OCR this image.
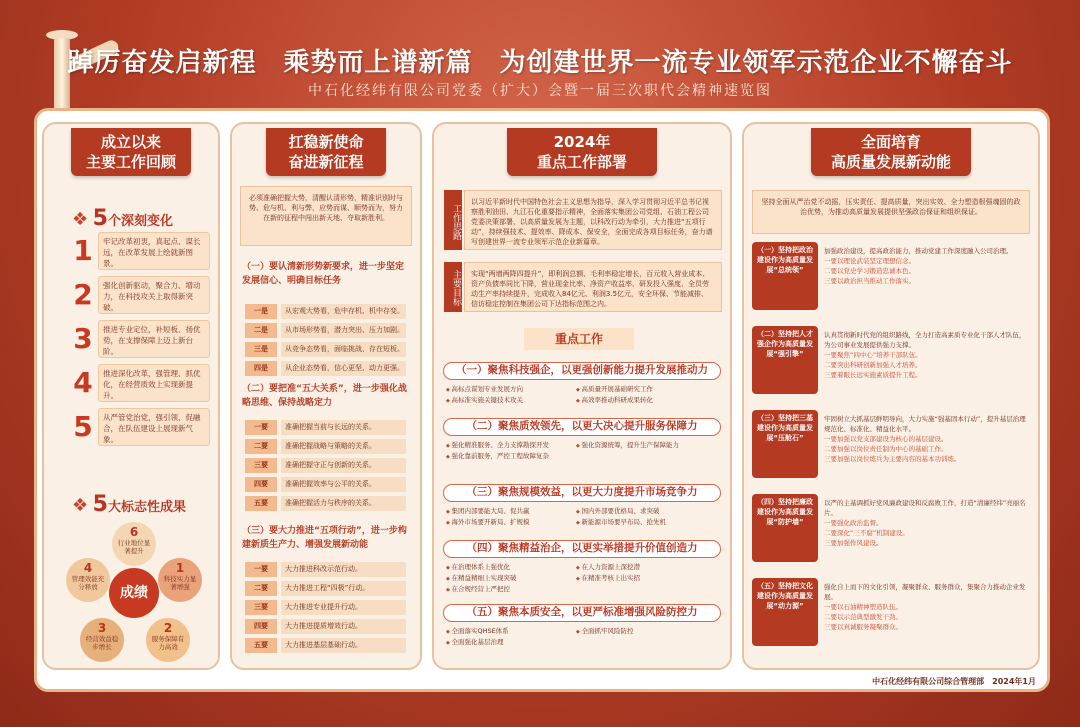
踔厉奋发启新程　乘势而上谱新篇　为创建世界一流专业领军示范企业不懈奋斗
中石化经纬有限公司党委（扩大）会暨一届三次职代会精神速览图
成立以来
主要工作回顾
❖ 5个深刻变化
❖ 5大标志性成果
成绩
1
科技实力显著增强
2
服务保障有力高效
3
经营效益稳步增长
4
管理效能充分释放
6
行业地位显著提升
扛稳新使命
奋进新征程
必须准确把握大势，清醒认清形势，精准识别时与势、危与机、利与弊，应势而谋、顺势而为，努力在新的征程中闯出新天地、夺取新胜利。
（一）要认清新形势新要求，进一步坚定发展信心、明确目标任务
（二）要把准“五大关系”，进一步强化战略思维、保持战略定力
（三）要大力推进“五项行动”，进一步构建新质生产力、增强发展新动能
2024年
重点工作部署
工作思路
以习近平新时代中国特色社会主义思想为指导，深入学习贯彻习近平总书记视察胜利油田、九江石化重要指示精神，全面落实集团公司党组、石油工程公司党委决策部署，以高质量发展为主题，以科改行动为牵引，大力推进“五项行动”，持续强技术、提效率、降成本、保安全，全面完成各项目标任务，奋力谱写创建世界一流专业领军示范企业新篇章。
主要目标	实现“两增两降四提升”，即利润总额、毛利率稳定增长，百元收入营业成本、资产负债率同比下降，营业现金比率、净资产收益率、研发投入强度、全员劳动生产率持续提升，完成收入84亿元、利润3.5亿元，安全环保、节能减排、信访稳定控制在集团公司下达指标范围之内。
重点工作
全面培育
高质量发展新动能
坚持全面从严治党不动摇，压实责任、提高质量，突出实效、全力塑造根强魂固的政治优势，为推动高质量发展提供坚强政治保证和组织保证。
中石化经纬有限公司综合管理部　 2024年1月
1	牢记改革初衷，真起点、谋长远，在改革发展上绘就新图景。
2	强化创新驱动，聚合力、增动力，在科技攻关上取得新突破。
3	推进专业定位，补短板、扬优势，在支撑保障上迈上新台阶。
4	推进深化改革，强管理、抓优化，在经营质效上实现新提升。
5	从严管党治党，强引领、促融合，在队伍建设上展现新气象。
一是 从宏观大势看，危中存机、机中存变。
二是 从市场形势看，潜力突出、压力加剧。
三是 从竞争态势看，面临挑战、存在短板。
四是 从企业态势看，信心更坚、动力更强。
一要 准确把握当前与长远的关系。
二要 准确把握战略与策略的关系。
三要 准确把握守正与创新的关系。
四要 准确把握效率与公平的关系。
五要 准确把握活力与秩序的关系。
一要 大力推进科改示范行动。
二要 大力推进工程“四极”行动。
三要 大力推进专业提升行动。
四要 大力推进提质增效行动。
五要 大力推进基层基础行动。
（一）聚焦科技强企，以更强创新能力提升发展推动力
◆ 高标点谋划专业发展方向	◆ 高质量开展基础研究工作◆ 高标准实施关键技术攻关	◆ 高效率推动科研成果转化
（二）聚焦质效领先，以更大决心提升服务保障力
◆ 强化精准服务、全力支撑勘探开发	◆ 强化资源统筹，提升生产保障能力◆ 强化靠前服务，严控工程故障复杂
（三）聚焦规模效益，以更大力度提升市场竞争力
◆ 集团内部要能大局、促共赢	◆ 国内外部要优格局、求突破◆ 海外市场要开新局、扩规模	◆ 新能源市场要早布局、抢先机
（四）聚焦精益治企，以更实举措提升价值创造力
◆ 在治理体系上强优化	◆ 在人力资源上深挖潜◆ 在精益精细上实现突破	◆ 在精准考核上出实招◆ 在合规经营上严把控
（五）聚焦本质安全，以更严标准增强风险防控力
◆ 全面落实QHSE体系	◆ 全面抓牢风险防控◆ 全面强化基层治理
（一）坚持把政治建设作为高质量发展“总统领”
加强政治建设，提高政治能力，推动党建工作深度融入公司治理。
一要以理论武装坚定理想信念。
二要以党史学习锻造忠诚本色。
三要以政治担当推动工作落实。
（二）坚持把人才强企作为高质量发展“强引擎”
认真贯彻新时代党的组织路线，全力打造高素质专业化干部人才队伍，为公司事业发展提供强力支撑。
一要聚焦“四中心”培养干部队伍。
二要突出科研创新加强人才培养。
三要着眼长远实施素质提升工程。
（三）坚持把三基建设作为高质量发展“压舱石”
牢固树立大抓基层鲜明导向，大力实施“强基固本行动”，提升基层治理规范化、标准化、精益化水平。
一要加强以党支部建设为核心的基层建设。
二要加强以岗位责任制为中心的基础工作。
三要加强以岗位练兵为主要内容的基本功训练。
（四）坚持把廉政建设作为高质量发展“防护墙”
以严的主基调抓好党风廉政建设和反腐败工作，打造“清廉经纬”亮丽名片。
一要强化政治监督。
二要深化“三不腐”机制建设。
三要加强作风建设。
（五）坚持把文化建设作为高质量发展“动力源”
强化自上而下的文化引领，凝聚群众、服务群众，集聚合力推动企业发展。
一要以石油精神塑造队伍。
二要以示范典型激发干劲。
三要以真诚服务凝聚群众。
